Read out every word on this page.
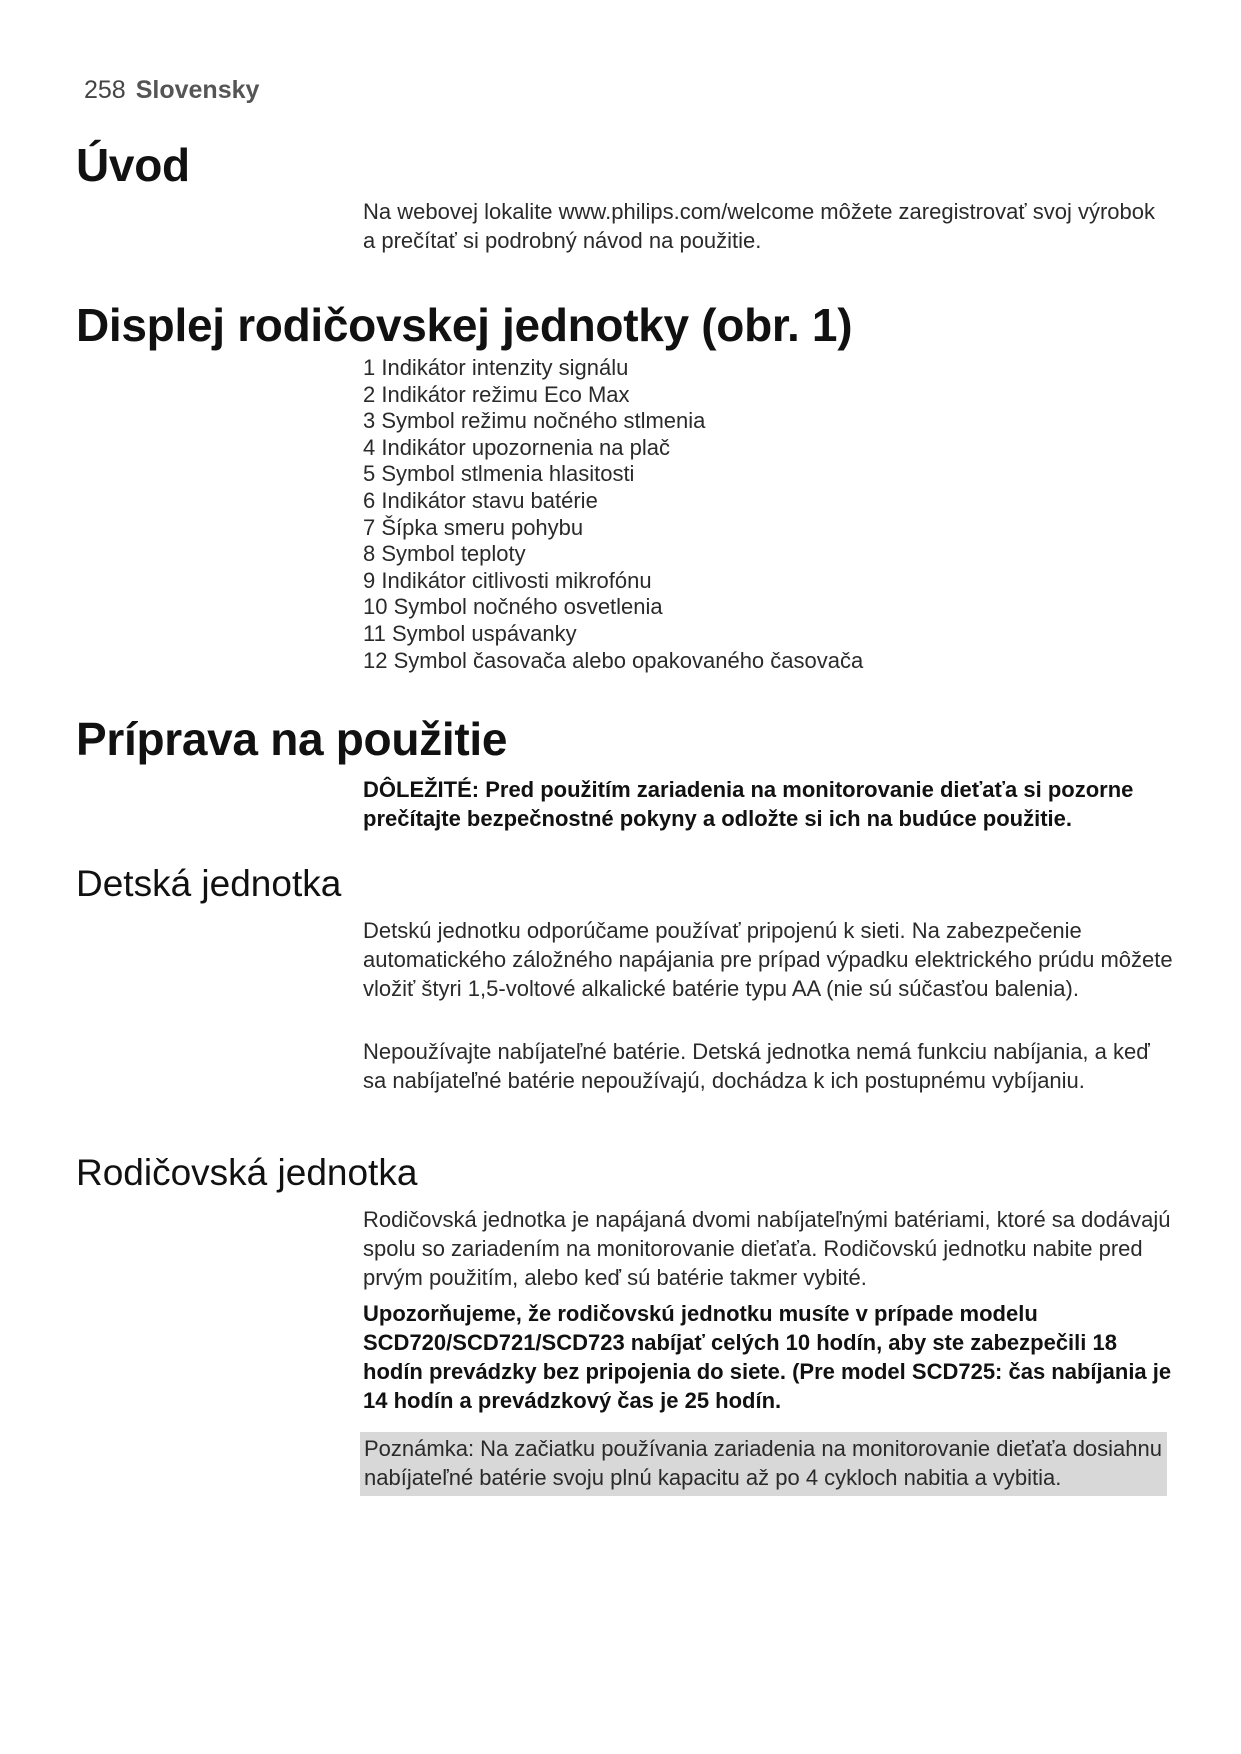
258 Slovensky
Úvod

Na webovej lokalite www.philips.com/welcome môžete zaregistrovať svoj výrobok a prečítať si podrobný návod na použitie.

Displej rodičovskej jednotky (obr. 1)
1 Indikátor intenzity signálu
2 Indikátor režimu Eco Max
3 Symbol režimu nočného stlmenia
4 Indikátor upozornenia na plač
5 Symbol stlmenia hlasitosti
6 Indikátor stavu batérie
7 Šípka smeru pohybu
8 Symbol teploty
9 Indikátor citlivosti mikrofónu
10 Symbol nočného osvetlenia
11 Symbol uspávanky
12 Symbol časovača alebo opakovaného časovača
Príprava na použitie

DÔLEŽITÉ: Pred použitím zariadenia na monitorovanie dieťaťa si pozorne prečítajte bezpečnostné pokyny a odložte si ich na budúce použitie.

Detská jednotka

Detskú jednotku odporúčame používať pripojenú k sieti. Na zabezpečenie automatického záložného napájania pre prípad výpadku elektrického prúdu môžete vložiť štyri 1,5-voltové alkalické batérie typu AA (nie sú súčasťou balenia).

Nepoužívajte nabíjateľné batérie. Detská jednotka nemá funkciu nabíjania, a keď sa nabíjateľné batérie nepoužívajú, dochádza k ich postupnému vybíjaniu.

Rodičovská jednotka

Rodičovská jednotka je napájaná dvomi nabíjateľnými batériami, ktoré sa dodávajú spolu so zariadením na monitorovanie dieťaťa. Rodičovskú jednotku nabite pred prvým použitím, alebo keď sú batérie takmer vybité.

Upozorňujeme, že rodičovskú jednotku musíte v prípade modelu SCD720/SCD721/SCD723 nabíjať celých 10 hodín, aby ste zabezpečili 18 hodín prevádzky bez pripojenia do siete. (Pre model SCD725: čas nabíjania je 14 hodín a prevádzkový čas je 25 hodín.

Poznámka: Na začiatku používania zariadenia na monitorovanie dieťaťa dosiahnu nabíjateľné batérie svoju plnú kapacitu až po 4 cykloch nabitia a vybitia.
